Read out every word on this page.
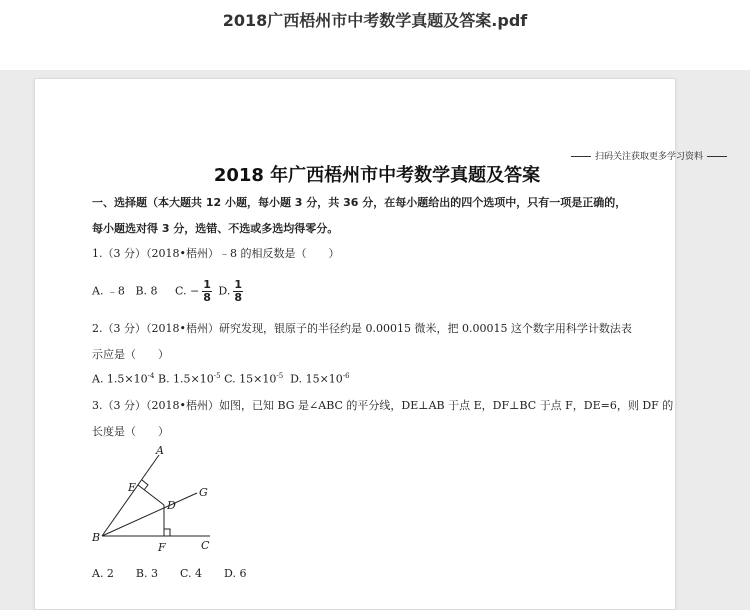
2018广西梧州市中考数学真题及答案.pdf
扫码关注获取更多学习资料
2018 年广西梧州市中考数学真题及答案
一、选择题（本大题共 12 小题，每小题 3 分，共 36 分，在每小题给出的四个选项中，只有一项是正确的，
每小题选对得 3 分，选错、不选或多选均得零分。
1.（3 分）（2018•梧州）﹣8 的相反数是（　　）
A. ﹣8 B. 8 C. − $\frac{1}{8} D$. $\frac{1}{8}$
2.（3 分）（2018•梧州）研究发现，银原子的半径约是 0.00015 微米，把 0.00015 这个数字用科学计数法表
示应是（　　）
A. $1.5\times 10^{-4}$ B. $1.5\times 10^{-5}$ C. $15\times 10^{-5}$ D. $15\times 10^{-6}$
3.（3 分）（2018•梧州）如图，已知 BG 是∠ABC 的平分线，DE⊥AB 于点 E，DF⊥BC 于点 F，DE=6，则 DF 的
长度是（　　）
A
E	G
D
B
F	C
A. 2　　B. 3　　C. 4　　D. 6
